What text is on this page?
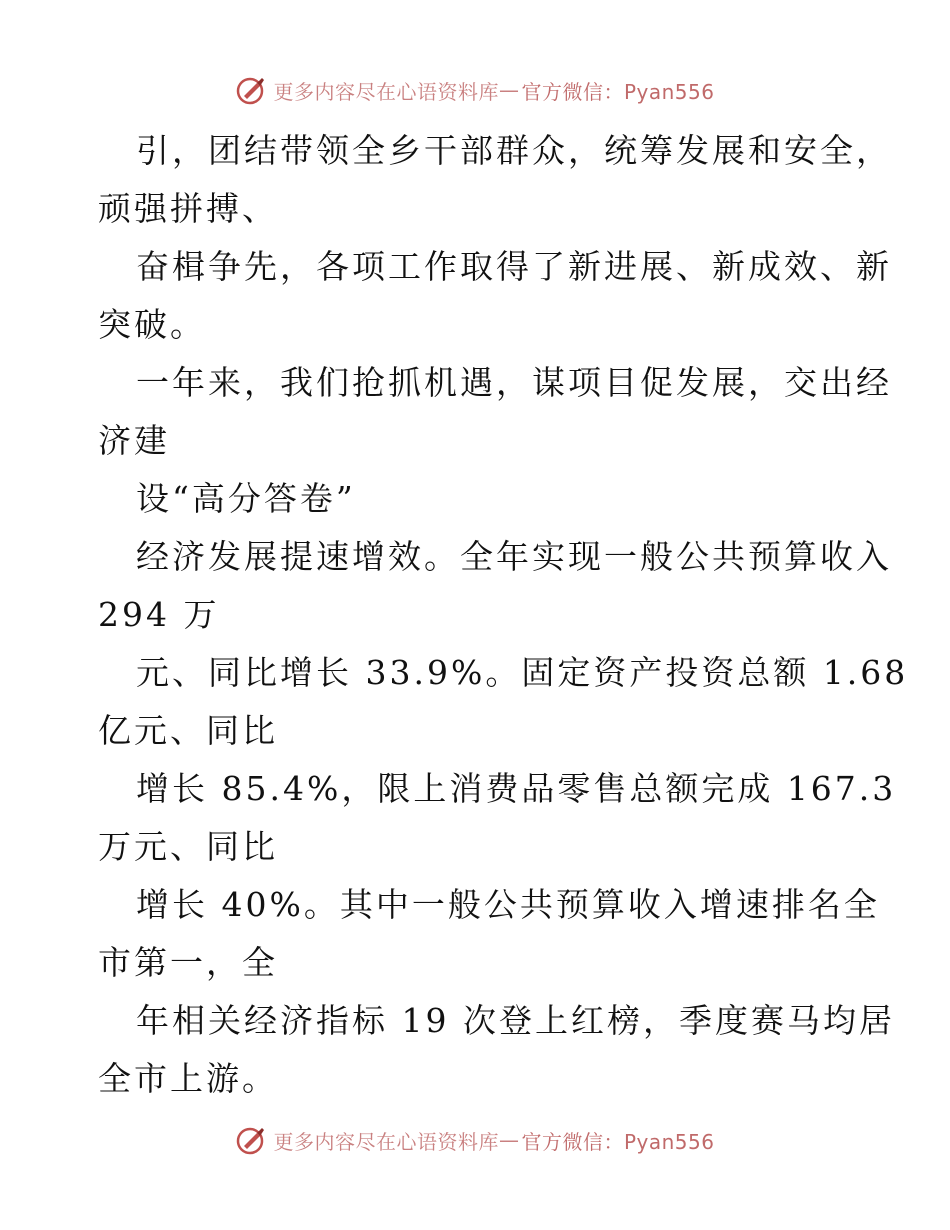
更多内容尽在心语资料库 — 官方微信：Pyan556
引，团结带领全乡干部群众，统筹发展和安全，
顽强拼搏、
奋楫争先，各项工作取得了新进展、新成效、新
突破。
一年来，我们抢抓机遇，谋项目促发展，交出经
济建
设“高分答卷”
经济发展提速增效。全年实现一般公共预算收入
294 万
元、同比增长 33.9%。固定资产投资总额 1.68
亿元、同比
增长 85.4%，限上消费品零售总额完成 167.3
万元、同比
增长 40%。其中一般公共预算收入增速排名全
市第一，全
年相关经济指标 19 次登上红榜，季度赛马均居
全市上游。
更多内容尽在心语资料库 — 官方微信：Pyan556
